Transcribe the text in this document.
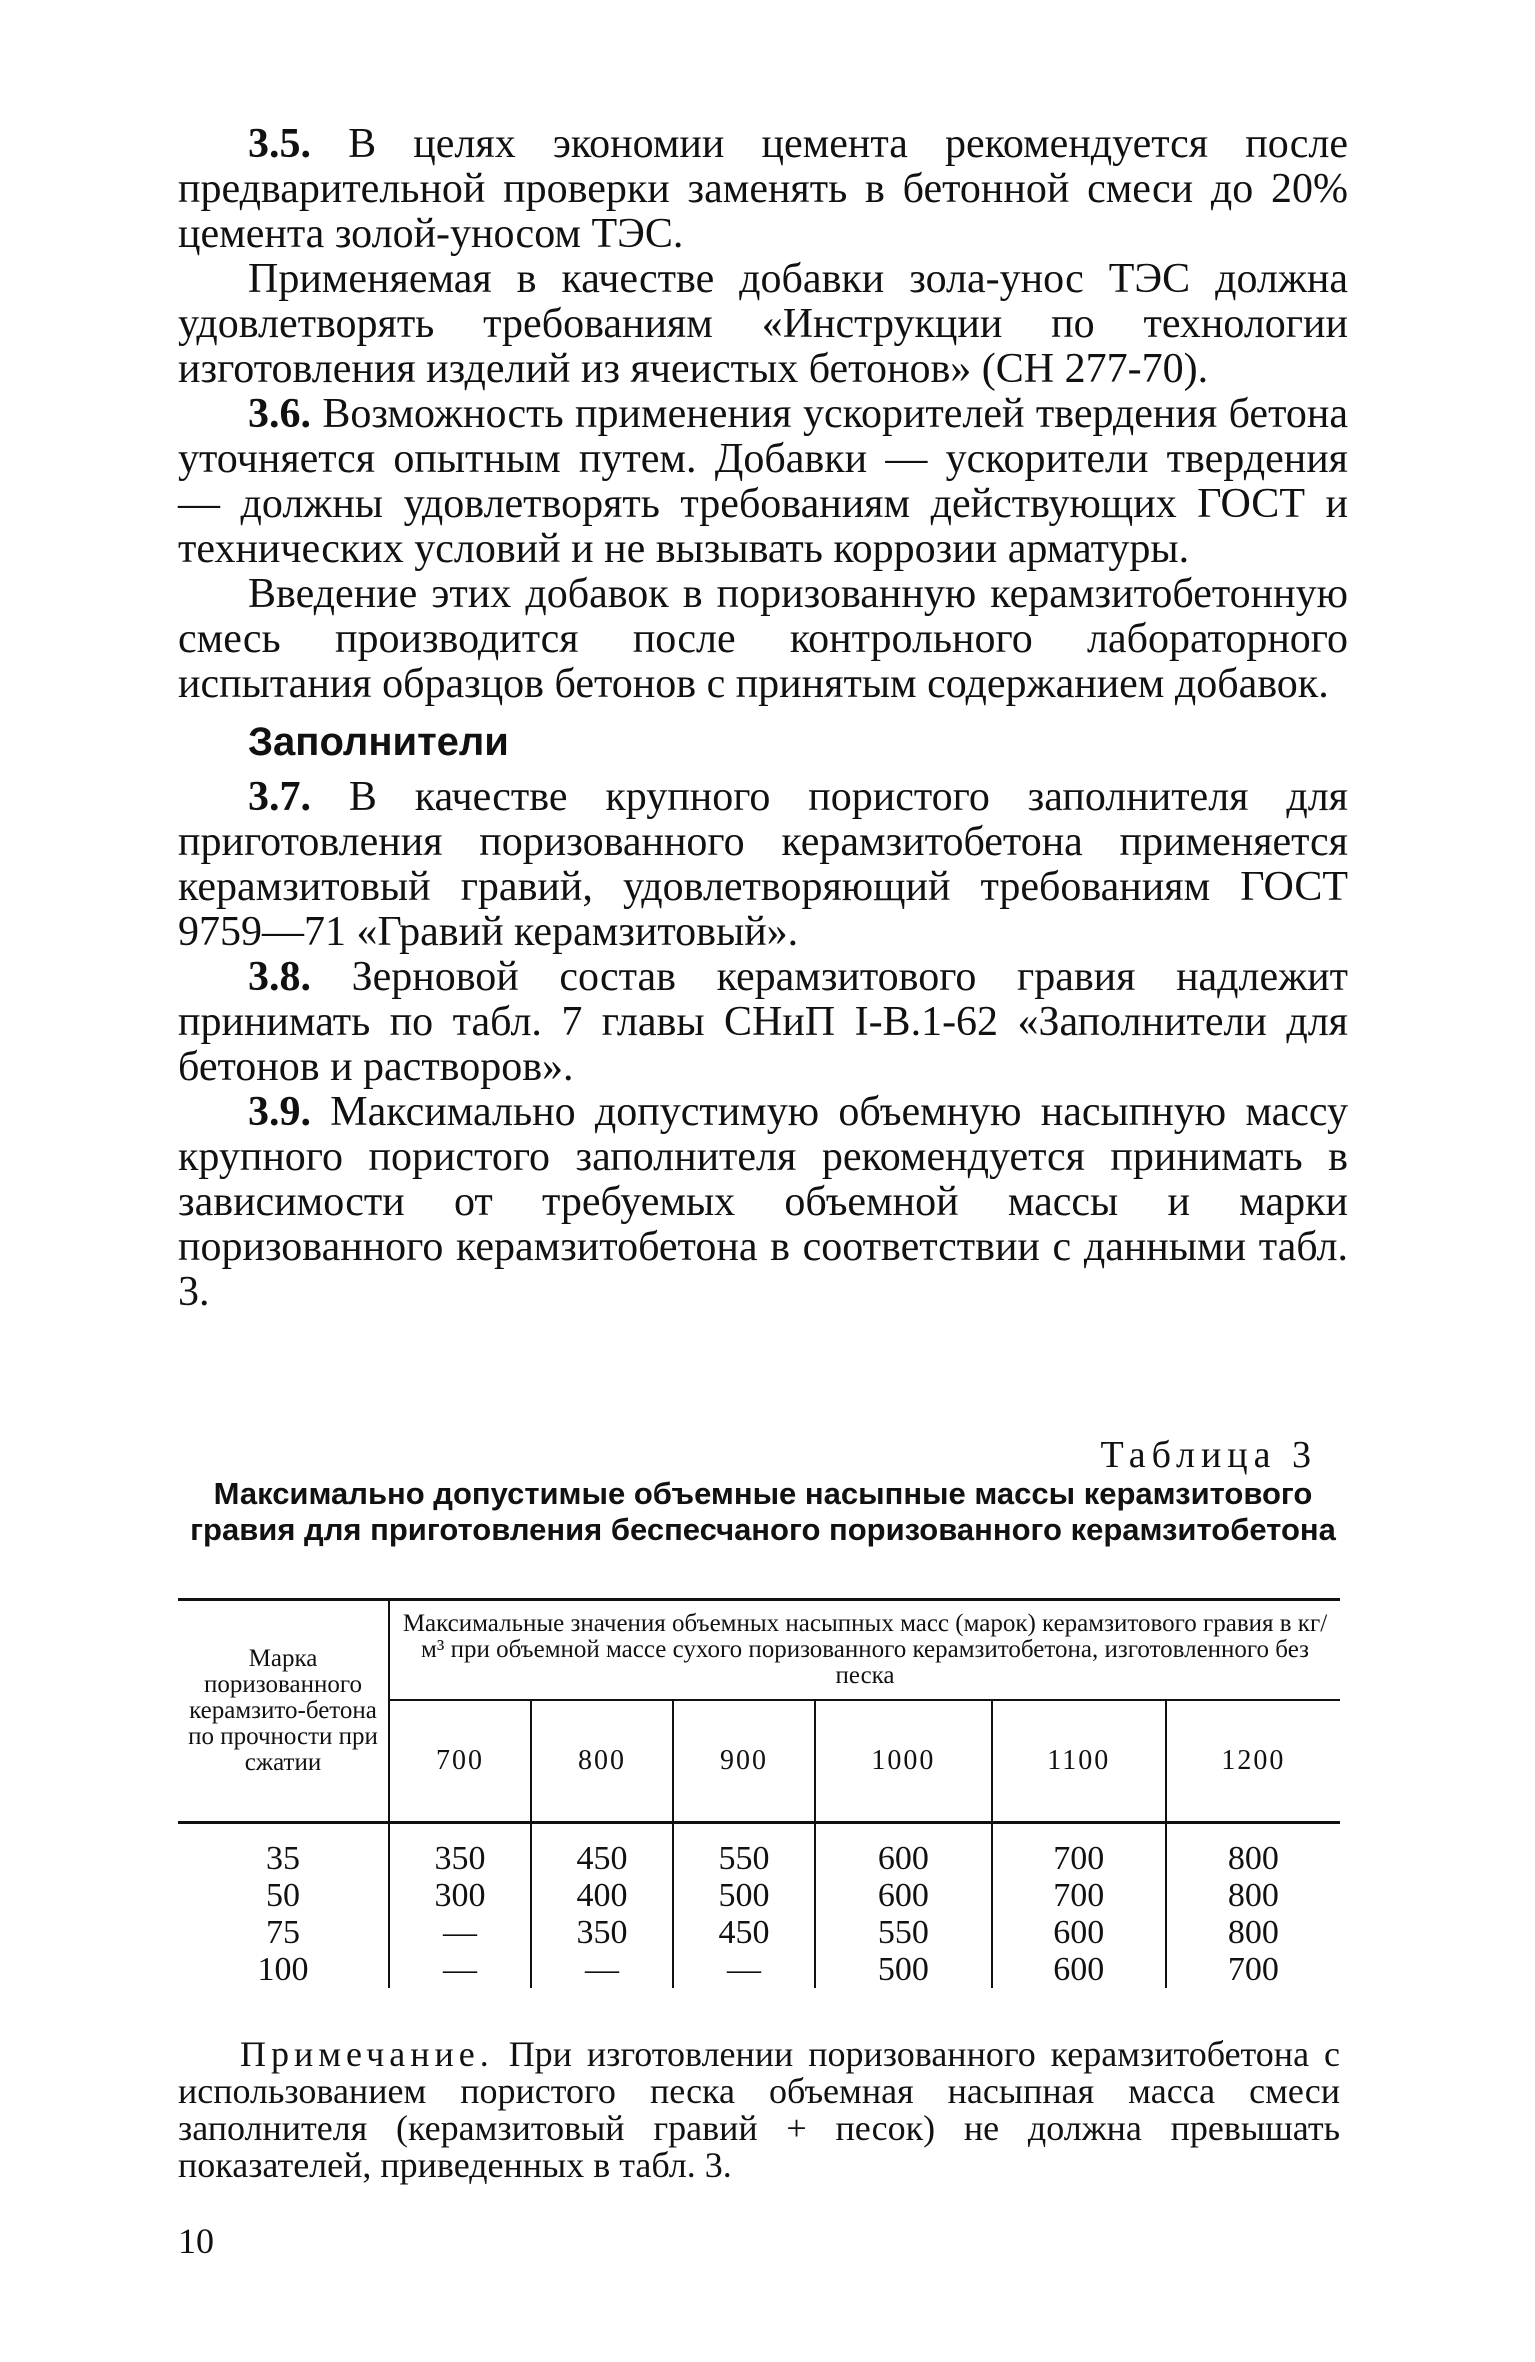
3.5. В целях экономии цемента рекомендуется после предварительной проверки заменять в бетонной смеси до 20% цемента золой-уносом ТЭС.

Применяемая в качестве добавки зола-унос ТЭС должна удовлетворять требованиям «Инструкции по технологии изготовления изделий из ячеистых бетонов» (СН 277-70).

3.6. Возможность применения ускорителей твердения бетона уточняется опытным путем. Добавки — ускорители твердения — должны удовлетворять требованиям действующих ГОСТ и технических условий и не вызывать коррозии арматуры.

Введение этих добавок в поризованную керамзитобетонную смесь производится после контрольного лабораторного испытания образцов бетонов с принятым содержанием добавок.

Заполнители

3.7. В качестве крупного пористого заполнителя для приготовления поризованного керамзитобетона применяется керамзитовый гравий, удовлетворяющий требованиям ГОСТ 9759—71 «Гравий керамзитовый».

3.8. Зерновой состав керамзитового гравия надлежит принимать по табл. 7 главы СНиП I-В.1-62 «Заполнители для бетонов и растворов».

3.9. Максимально допустимую объемную насыпную массу крупного пористого заполнителя рекомендуется принимать в зависимости от требуемых объемной массы и марки поризованного керамзитобетона в соответствии с данными табл. 3.

Таблица 3
Максимально допустимые объемные насыпные массы керамзитового гравия для приготовления беспесчаного поризованного керамзитобетона
Марка поризованного керамзито-бетона по прочности при сжатии	Максимальные значения объемных насыпных масс (марок) керамзитового гравия в кг/м³ при объемной массе сухого поризованного керамзитобетона, изготовленного без песка					
	700	800	900	1000	1100	1200
35	350	450	550	600	700	800
50	300	400	500	600	700	800
75	—	350	450	550	600	800
100	—	—	—	500	600	700

Примечание. При изготовлении поризованного керамзитобетона с использованием пористого песка объемная насыпная масса смеси заполнителя (керамзитовый гравий + песок) не должна превышать показателей, приведенных в табл. 3.

10
